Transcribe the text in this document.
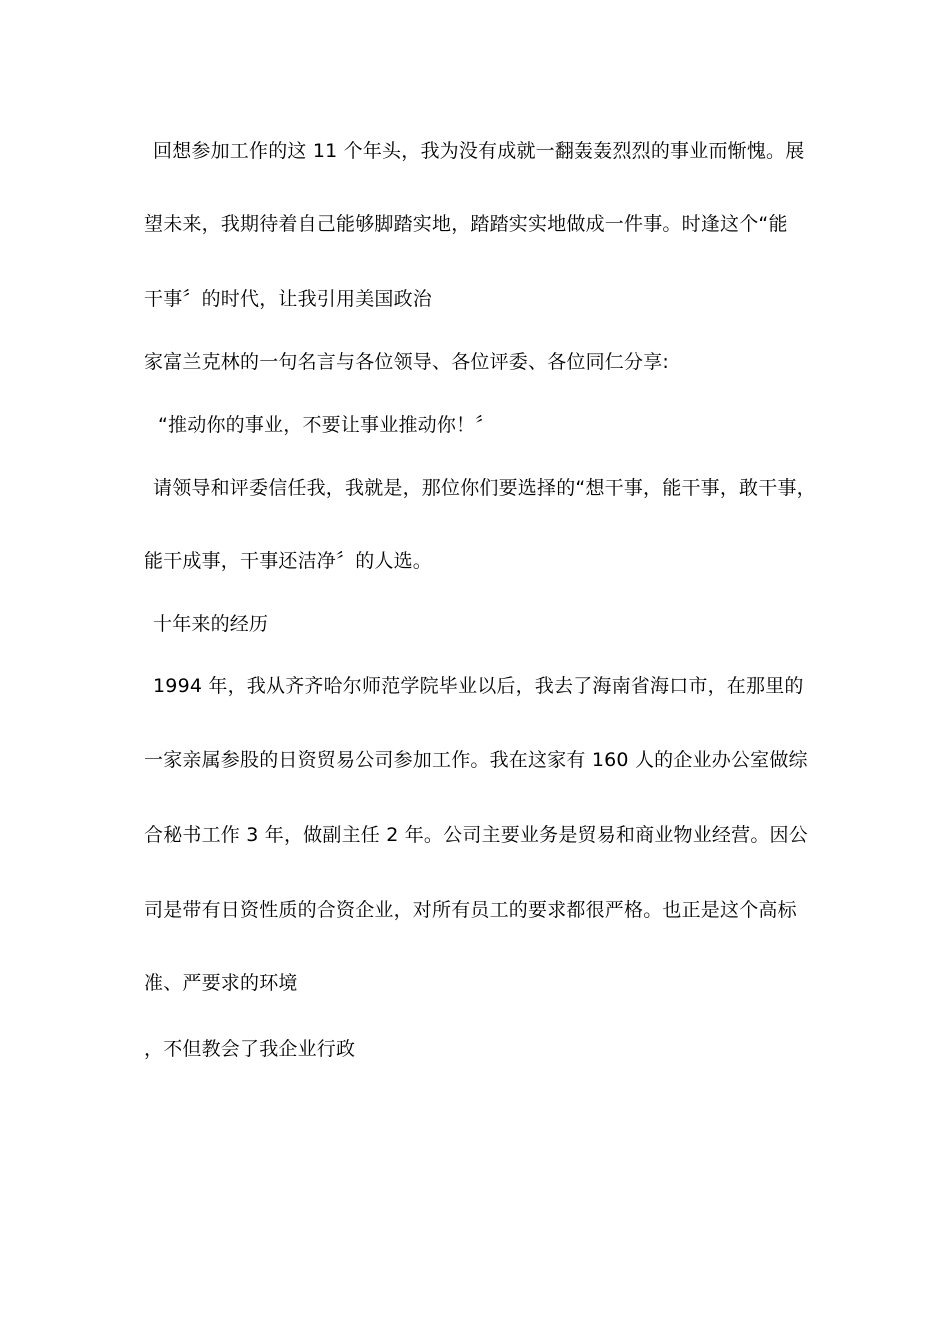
回想参加工作的这 11 个年头，我为没有成就一翻轰轰烈烈的事业而惭愧。展
望未来，我期待着自己能够脚踏实地，踏踏实实地做成一件事。时逢这个“能
干事〞的时代，让我引用美国政治
家富兰克林的一句名言与各位领导、各位评委、各位同仁分享:
“推动你的事业，不要让事业推动你！〞
请领导和评委信任我，我就是，那位你们要选择的“想干事，能干事，敢干事，
能干成事，干事还洁净〞的人选。
十年来的经历
1994 年，我从齐齐哈尔师范学院毕业以后，我去了海南省海口市，在那里的
一家亲属参股的日资贸易公司参加工作。我在这家有 160 人的企业办公室做综
合秘书工作 3 年，做副主任 2 年。公司主要业务是贸易和商业物业经营。因公
司是带有日资性质的合资企业，对所有员工的要求都很严格。也正是这个高标
准、严要求的环境
，不但教会了我企业行政
